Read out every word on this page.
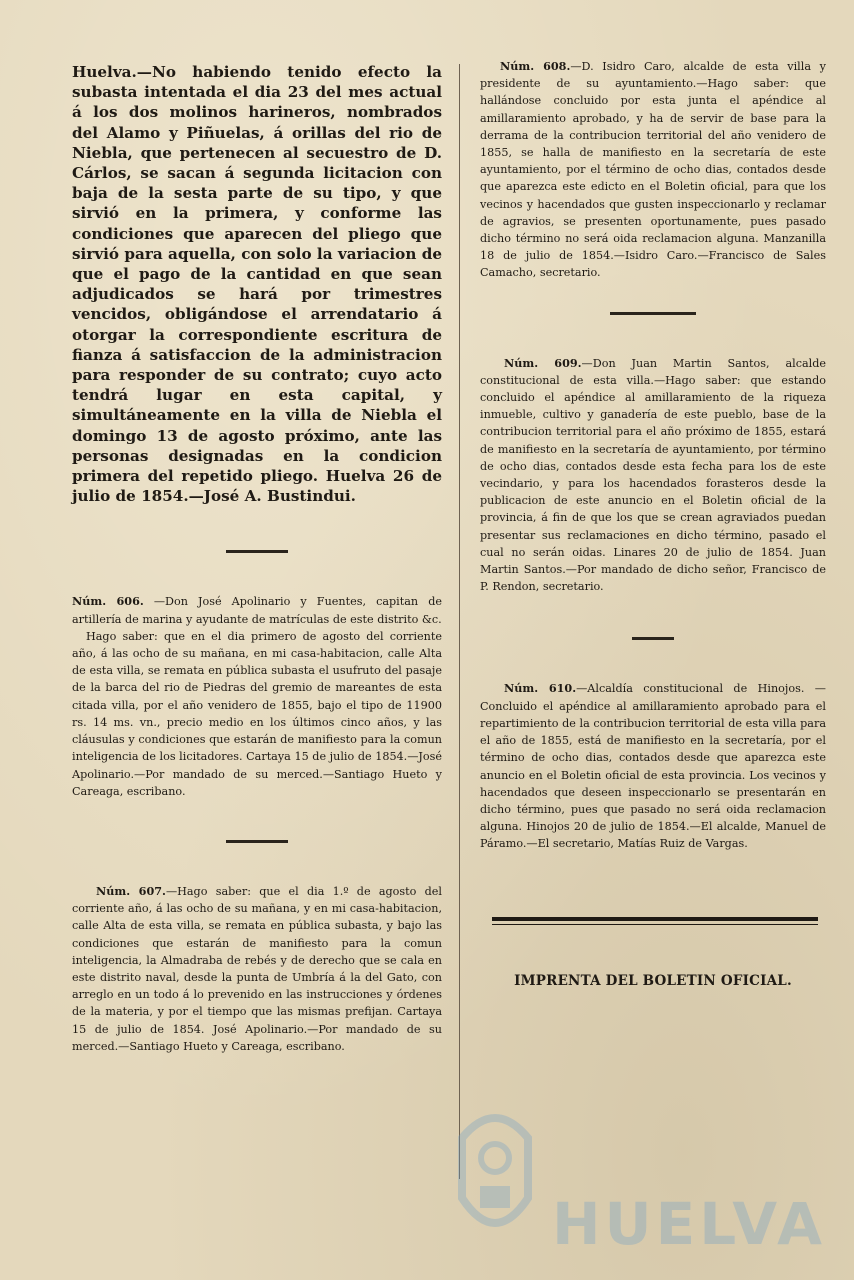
Huelva.—No habiendo tenido efecto la subasta intentada el dia 23 del mes actual á los dos molinos harineros, nombrados del Alamo y Piñuelas, á orillas del rio de Niebla, que pertenecen al secuestro de D. Cárlos, se sacan á segunda licitacion con baja de la sesta parte de su tipo, y que sirvió en la primera, y conforme las condiciones que aparecen del pliego que sirvió para aquella, con solo la variacion de que el pago de la cantidad en que sean adjudicados se hará por trimestres vencidos, obligándose el arrendatario á otorgar la correspondiente escritura de fianza á satisfaccion de la administracion para responder de su contrato; cuyo acto tendrá lugar en esta capital, y simultáneamente en la villa de Niebla el domingo 13 de agosto próximo, ante las personas designadas en la condicion primera del repetido pliego. Huelva 26 de julio de 1854.—José A. Bustindui.

Núm. 606. —Don José Apolinario y Fuentes, capitan de artillería de marina y ayudante de matrículas de este distrito &c.

Hago saber: que en el dia primero de agosto del corriente año, á las ocho de su mañana, en mi casa-habitacion, calle Alta de esta villa, se remata en pública subasta el usufruto del pasaje de la barca del rio de Piedras del gremio de mareantes de esta citada villa, por el año venidero de 1855, bajo el tipo de 11900 rs. 14 ms. vn., precio medio en los últimos cinco años, y las cláusulas y condiciones que estarán de manifiesto para la comun inteligencia de los licitadores. Cartaya 15 de julio de 1854.—José Apolinario.—Por mandado de su merced.—Santiago Hueto y Careaga, escribano.

Núm. 607.—Hago saber: que el dia 1.º de agosto del corriente año, á las ocho de su mañana, y en mi casa-habitacion, calle Alta de esta villa, se remata en pública subasta, y bajo las condiciones que estarán de manifiesto para la comun inteligencia, la Almadraba de rebés y de derecho que se cala en este distrito naval, desde la punta de Umbría á la del Gato, con arreglo en un todo á lo prevenido en las instrucciones y órdenes de la materia, y por el tiempo que las mismas prefijan. Cartaya 15 de julio de 1854. José Apolinario.—Por mandado de su merced.—Santiago Hueto y Careaga, escribano.

Núm. 608.—D. Isidro Caro, alcalde de esta villa y presidente de su ayuntamiento.—Hago saber: que hallándose concluido por esta junta el apéndice al amillaramiento aprobado, y ha de servir de base para la derrama de la contribucion territorial del año venidero de 1855, se halla de manifiesto en la secretaría de este ayuntamiento, por el término de ocho dias, contados desde que aparezca este edicto en el Boletin oficial, para que los vecinos y hacendados que gusten inspeccionarlo y reclamar de agravios, se presenten oportunamente, pues pasado dicho término no será oida reclamacion alguna. Manzanilla 18 de julio de 1854.—Isidro Caro.—Francisco de Sales Camacho, secretario.

Núm. 609.—Don Juan Martin Santos, alcalde constitucional de esta villa.—Hago saber: que estando concluido el apéndice al amillaramiento de la riqueza inmueble, cultivo y ganadería de este pueblo, base de la contribucion territorial para el año próximo de 1855, estará de manifiesto en la secretaría de ayuntamiento, por término de ocho dias, contados desde esta fecha para los de este vecindario, y para los hacendados forasteros desde la publicacion de este anuncio en el Boletin oficial de la provincia, á fin de que los que se crean agraviados puedan presentar sus reclamaciones en dicho término, pasado el cual no serán oidas. Linares 20 de julio de 1854. Juan Martin Santos.—Por mandado de dicho señor, Francisco de P. Rendon, secretario.

Núm. 610.—Alcaldía constitucional de Hinojos. —Concluido el apéndice al amillaramiento aprobado para el repartimiento de la contribucion territorial de esta villa para el año de 1855, está de manifiesto en la secretaría, por el término de ocho dias, contados desde que aparezca este anuncio en el Boletin oficial de esta provincia. Los vecinos y hacendados que deseen inspeccionarlo se presentarán en dicho término, pues que pasado no será oida reclamacion alguna. Hinojos 20 de julio de 1854.—El alcalde, Manuel de Páramo.—El secretario, Matías Ruiz de Vargas.

IMPRENTA DEL BOLETIN OFICIAL.
HUELVA
